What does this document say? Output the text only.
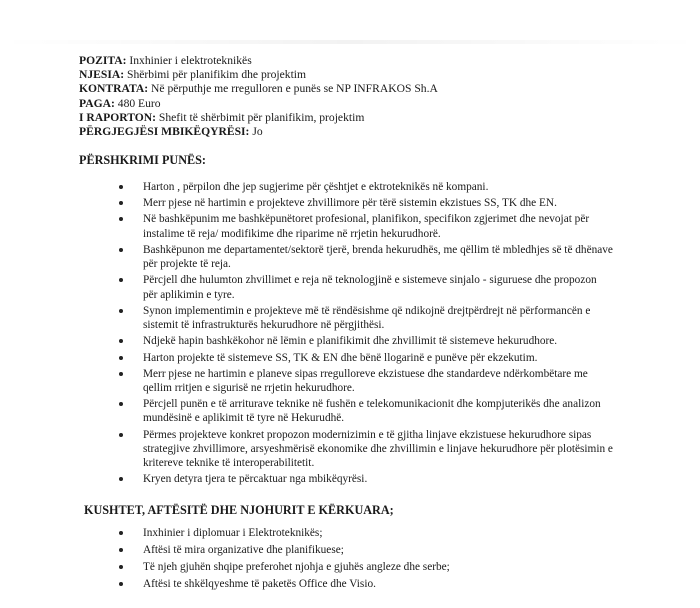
POZITA: Inxhinier i elektroteknikës
NJESIA: Shërbimi për planifikim dhe projektim
KONTRATA: Në përputhje me rregulloren e punës se NP INFRAKOS Sh.A
PAGA: 480 Euro
I RAPORTON: Shefit të shërbimit për planifikim, projektim
PËRGJEGJËSI MBIKËQYRËSI: Jo
PËRSHKRIMI PUNËS:
Harton , përpilon dhe jep sugjerime për çështjet e ektroteknikës në kompani.
Merr pjese në hartimin e projekteve zhvillimore për tërë sistemin ekzistues SS, TK dhe EN.
Në bashkëpunim me bashkëpunëtoret profesional, planifikon, specifikon zgjerimet dhe nevojat për instalime të reja/ modifikime dhe riparime në rrjetin hekurudhorë.
Bashkëpunon me departamentet/sektorë tjerë, brenda hekurudhës, me qëllim të mbledhjes së të dhënave për projekte të reja.
Përcjell dhe hulumton zhvillimet e reja në teknologjinë e sistemeve sinjalo - siguruese dhe propozon për aplikimin e tyre.
Synon implementimin e projekteve më të rëndësishme që ndikojnë drejtpërdrejt në përformancën e sistemit të infrastrukturës hekurudhore në përgjithësi.
Ndjekë hapin bashkëkohor në lëmin e planifikimit dhe zhvillimit të sistemeve hekurudhore.
Harton projekte të sistemeve SS, TK & EN dhe bënë llogarinë e punëve për ekzekutim.
Merr pjese ne hartimin e planeve sipas rregulloreve ekzistuese dhe standardeve ndërkombëtare me qellim rritjen e sigurisë ne rrjetin hekurudhore.
Përcjell punën e të arriturave teknike në fushën e telekomunikacionit dhe kompjuterikës dhe analizon mundësinë e aplikimit të tyre në Hekurudhë.
Përmes projekteve konkret propozon modernizimin e të gjitha linjave ekzistuese hekurudhore sipas strategjive zhvillimore, arsyeshmërisë ekonomike dhe zhvillimin e linjave hekurudhore për plotësimin e kritereve teknike të interoperabilitetit.
Kryen detyra tjera te përcaktuar nga mbikëqyrësi.
KUSHTET, AFTËSITË DHE NJOHURIT E KËRKUARA;
Inxhinier i diplomuar i Elektroteknikës;
Aftësi të mira organizative dhe planifikuese;
Të njeh gjuhën shqipe preferohet njohja e gjuhës angleze dhe serbe;
Aftësi te shkëlqyeshme të paketës Office dhe Visio.
